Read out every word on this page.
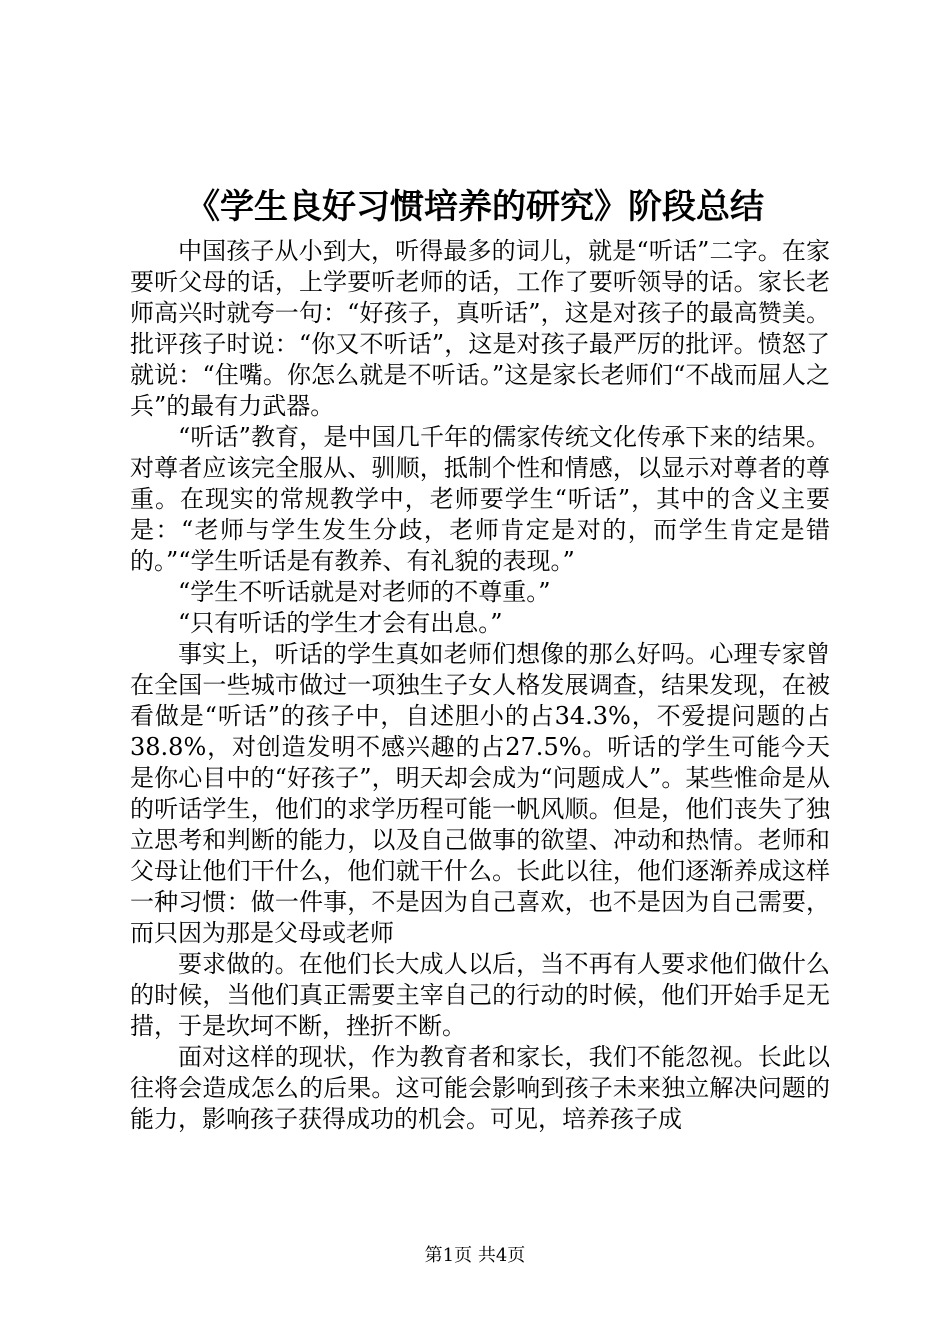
《学生良好习惯培养的研究》阶段总结

中国孩子从小到大，听得最多的词儿，就是“听话”二字。在家要听父母的话，上学要听老师的话，工作了要听领导的话。家长老师高兴时就夸一句：“好孩子，真听话”，这是对孩子的最高赞美。批评孩子时说：“你又不听话”，这是对孩子最严厉的批评。愤怒了就说：“住嘴。你怎么就是不听话。”这是家长老师们“不战而屈人之兵”的最有力武器。

“听话”教育，是中国几千年的儒家传统文化传承下来的结果。对尊者应该完全服从、驯顺，抵制个性和情感，以显示对尊者的尊重。在现实的常规教学中，老师要学生“听话”，其中的含义主要是：“老师与学生发生分歧，老师肯定是对的，而学生肯定是错的。”“学生听话是有教养、有礼貌的表现。”

“学生不听话就是对老师的不尊重。”

“只有听话的学生才会有出息。”

事实上，听话的学生真如老师们想像的那么好吗。心理专家曾在全国一些城市做过一项独生子女人格发展调查，结果发现，在被看做是“听话”的孩子中，自述胆小的占34.3%，不爱提问题的占38.8%，对创造发明不感兴趣的占27.5%。听话的学生可能今天是你心目中的“好孩子”，明天却会成为“问题成人”。某些惟命是从的听话学生，他们的求学历程可能一帆风顺。但是，他们丧失了独立思考和判断的能力，以及自己做事的欲望、冲动和热情。老师和父母让他们干什么，他们就干什么。长此以往，他们逐渐养成这样一种习惯：做一件事，不是因为自己喜欢，也不是因为自己需要，而只因为那是父母或老师

要求做的。在他们长大成人以后，当不再有人要求他们做什么的时候，当他们真正需要主宰自己的行动的时候，他们开始手足无措，于是坎坷不断，挫折不断。

面对这样的现状，作为教育者和家长，我们不能忽视。长此以往将会造成怎么的后果。这可能会影响到孩子未来独立解决问题的能力，影响孩子获得成功的机会。可见，培养孩子成

第1页 共4页
